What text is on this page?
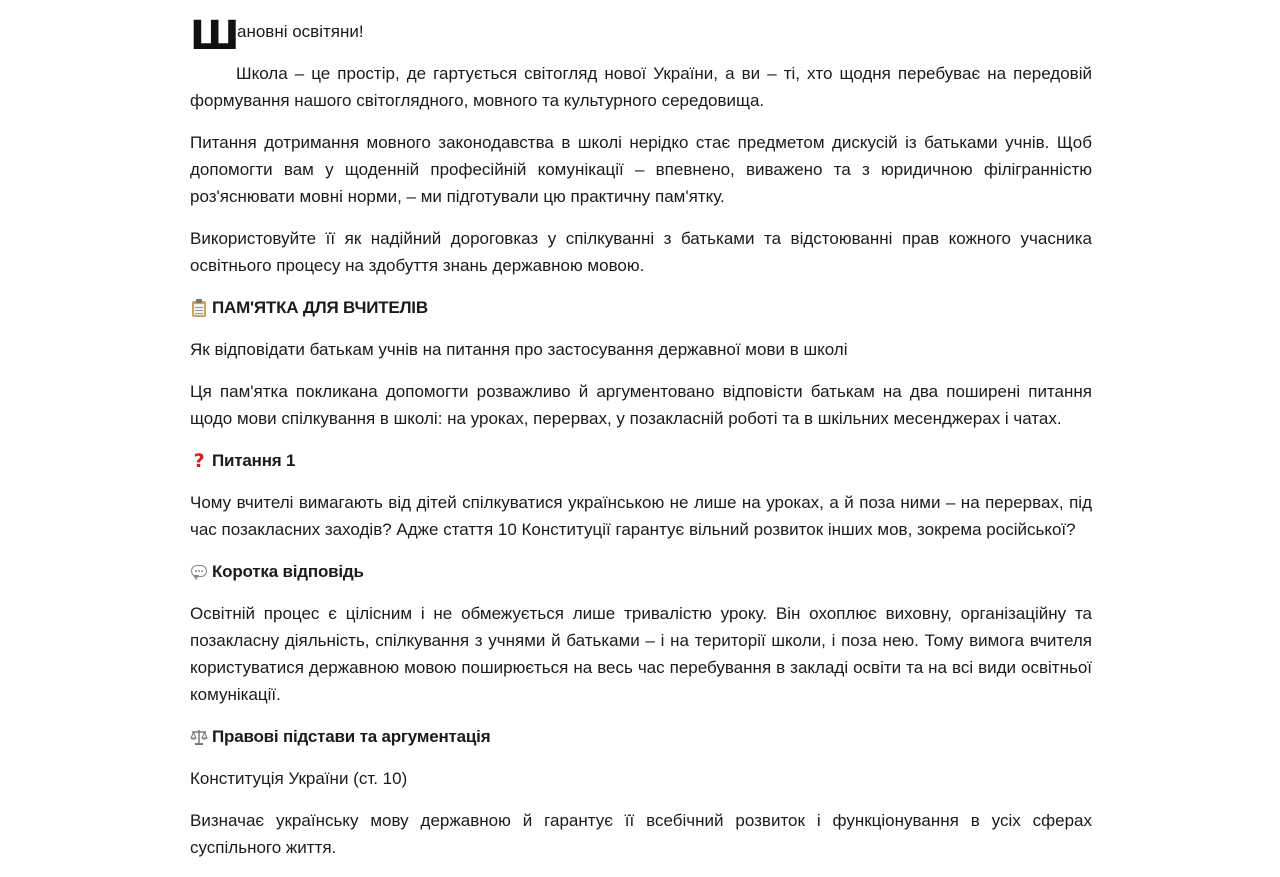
Ш
ановні освітяни!

Школа – це простір, де гартується світогляд нової України, а ви – ті, хто щодня перебуває на передовій формування нашого світоглядного, мовного та культурного середовища.

Питання дотримання мовного законодавства в школі нерідко стає предметом дискусій із батьками учнів. Щоб допомогти вам у щоденній професійній комунікації – впевнено, виважено та з юридичною філігранністю роз'яснювати мовні норми, – ми підготували цю практичну пам'ятку.

Використовуйте її як надійний дороговказ у спілкуванні з батьками та відстоюванні прав кожного учасника освітнього процесу на здобуття знань державною мовою.

ПАМ'ЯТКА ДЛЯ ВЧИТЕЛІВ

Як відповідати батькам учнів на питання про застосування державної мови в школі

Ця пам'ятка покликана допомогти розважливо й аргументовано відповісти батькам на два поширені питання щодо мови спілкування в школі: на уроках, перервах, у позакласній роботі та в шкільних месенджерах і чатах.

? Питання 1

Чому вчителі вимагають від дітей спілкуватися українською не лише на уроках, а й поза ними – на перервах, під час позакласних заходів? Адже стаття 10 Конституції гарантує вільний розвиток інших мов, зокрема російської?

Коротка відповідь

Освітній процес є цілісним і не обмежується лише тривалістю уроку. Він охоплює виховну, організаційну та позакласну діяльність, спілкування з учнями й батьками – і на території школи, і поза нею. Тому вимога вчителя користуватися державною мовою поширюється на весь час перебування в закладі освіти та на всі види освітньої комунікації.

Правові підстави та аргументація

Конституція України (ст. 10)

Визначає українську мову державною й гарантує її всебічний розвиток і функціонування в усіх сферах суспільного життя.
